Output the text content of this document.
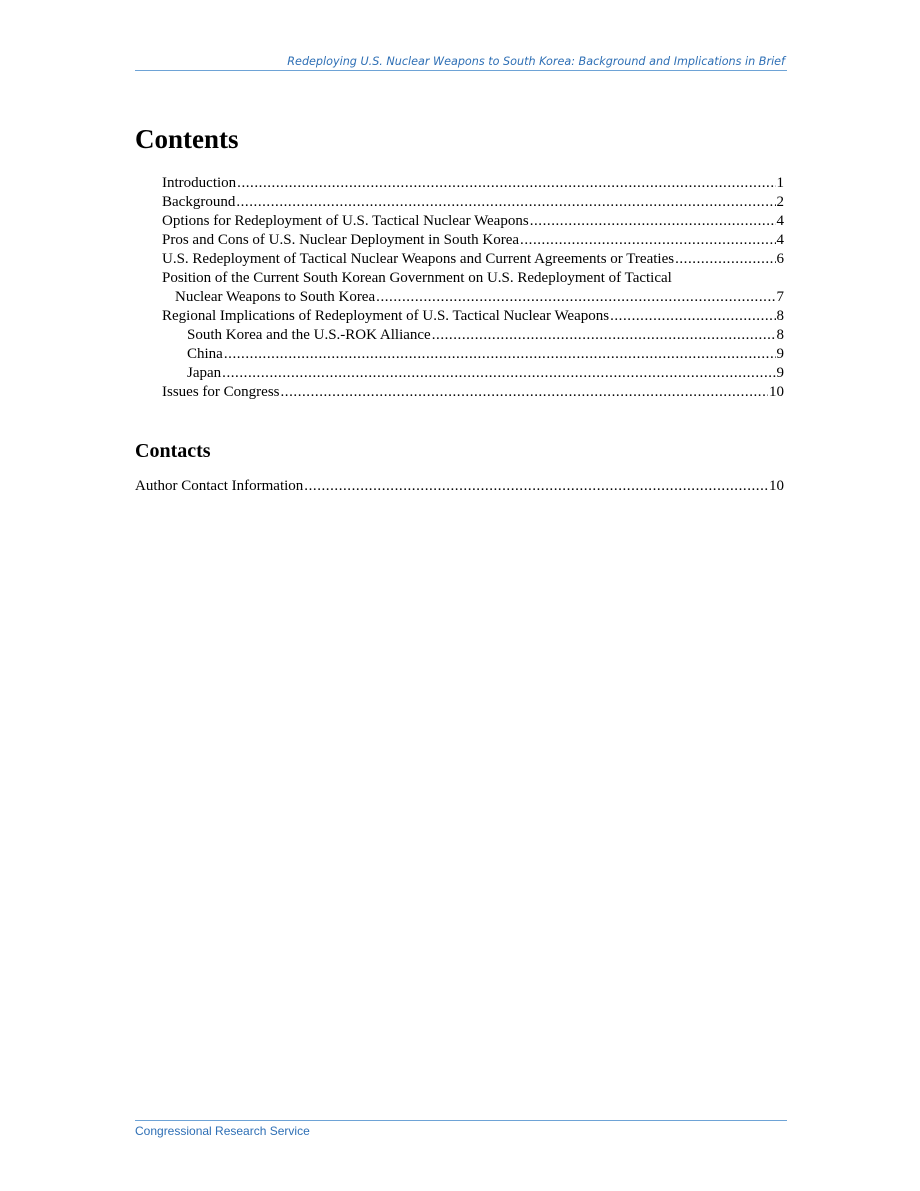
Redeploying U.S. Nuclear Weapons to South Korea: Background and Implications in Brief
Contents
Introduction . . .	1
Background . . .	2
Options for Redeployment of U.S. Tactical Nuclear Weapons . . .	4
Pros and Cons of U.S. Nuclear Deployment in South Korea . . .	4
U.S. Redeployment of Tactical Nuclear Weapons and Current Agreements or Treaties . . .	6
Position of the Current South Korean Government on U.S. Redeployment of Tactical
Nuclear Weapons to South Korea . . .	7
Regional Implications of Redeployment of U.S. Tactical Nuclear Weapons . . .	8
South Korea and the U.S.-ROK Alliance . . .	8
China . . .	9
Japan . . .	9
Issues for Congress . . .	10
Contacts
Author Contact Information . . .	10
Congressional Research Service
